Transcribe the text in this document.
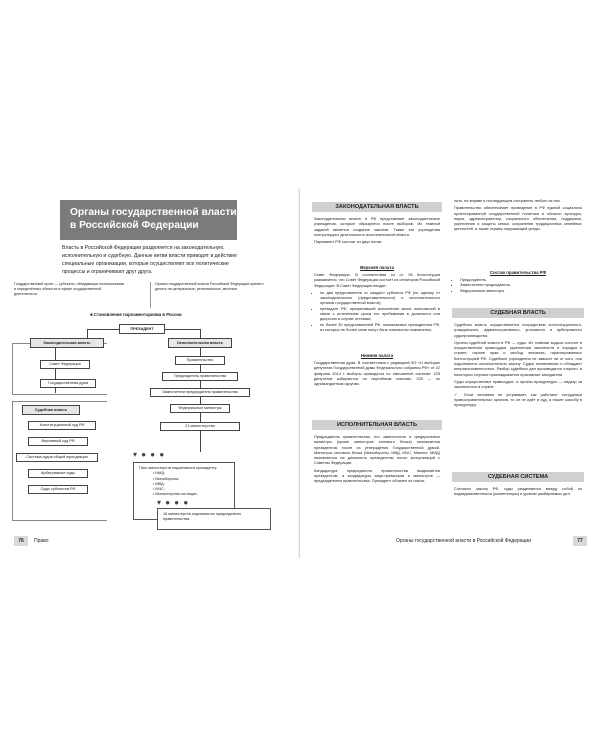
Органы государственной власти
в Российской Федерации
Власть в Российской Федерации разделяется на законодательную, исполнительную и судебную. Данные ветви власти приводят в действие специальные организации, которые осуществляют все политические процессы и ограничивают друг друга.
Государственный орган — субъекты, обладающие полномочиями в определённых областях в сфере государственной деятельности.
Органы государственной власти Российской Федерации принято делить на центральные, региональные, местные.
■ Становление парламентаризма в России
ПРЕЗИДЕНТ
Законодательная власть
Совет Федерации
Государственная дума
Судебная власть
Конституционный суд РФ
Верховный суд РФ
Система судов общей юрисдикции
Арбитражные суды
Суды субъектов РФ
Исполнительная власть
Правительство
Председатель правительства
Заместители председателя правительства
Федеральные министры
21 министерство
▾ ● ● ●
Пять министерств подчиняются президенту:
• МИД;
• Минобороны;
• МВД;
• МЧС;
• Министерство юстиции.
▾ ● ● ●
16 министерств подчиняются председателю правительства.
76	Право
ЗАКОНОДАТЕЛЬНАЯ ВЛАСТЬ

Законодательная власть в РФ представляет законодательные учреждения, которые образуются после выборов. Их главной задачей является создание законов. Также эти учреждения контролируют деятельность исполнительной власти.

Парламент РФ состоит из двух палат.

Верхняя палата

Совет Федерации. В соответствии со ст. 95 Конституции указывается, что Совет Федерации состоит из сенаторов Российской Федерации. В Совет Федерации входят:

• по два представителя от каждого субъекта РФ (по одному от законодательного (представительного) и исполнительного органов государственной власти);
• президент РФ, прекративший исполнение своих полномочий в связи с истечением срока его пребывания в должности или досрочно в случае отставки;
• не более 30 представителей РФ, назначаемых президентом РФ, из которых не более семи могут быть назначены пожизненно.
Нижняя палата

Государственная дума. В соответствии с редакцией ФЗ «О выборах депутатов Государственной думы Федерального собрания РФ» от 22 февраля 2014 г. выборы проводятся по смешанной системе: 225 депутатов избираются по партийным спискам, 225 — по одномандатным округам.

ИСПОЛНИТЕЛЬНАЯ ВЛАСТЬ

Председатель правительства, его заместители и федеральные министры (кроме министров силового блока) назначаются президентом после их утверждения Государственной думой. Министры силового блока (Минобороны, МВД, МЧС, Минюст, МИД) назначаются на должность президентом после консультаций с Советом Федерации.

Кандидатура председателя правительства выдвигается президентом, а кандидатуры вице-премьеров и министров — председателем правительства. Президент облачен их назна-

чить, не вправе в последующем отстранить любого из них.

Правительство обеспечивает проведение в РФ единой социально ориентированной государственной политики в области культуры, науки, здравоохранения, социального обеспечения, поддержки, укрепления и защиты семьи, сохранения традиционных семейных ценностей, а также охраны окружающей среды.

Состав правительства РФ
• Председатель.
• Заместители председателя.
• Федеральные министры.
СУДЕБНАЯ ВЛАСТЬ

Судебная власть осуществляется посредством конституционного, гражданского, административного, уголовного и арбитражного судопроизводства.

Органы судебной власти в РФ — суды. Их главная задача состоит в осуществлении правосудия, укреплении законности и порядка в стране, охране прав и свобод человека, гарантированных Конституцией РФ. Судебные учреждения не зависят ни от кого, они подчиняются исключительно закону. Судьи несменяемы и обладают неприкосновенностью. Разбор судебных дел производится открыто, в некоторых случаях прикладывается присяжные заседатели.

Суды осуществляют правосудие, а органы прокуратуры — надзор за законностью в стране.

✓ Если человека не устраивает, как работают сотрудники правоохранительных органов, то он не идёт в суд, а пишет жалобу в прокуратуру.

СУДЕБНАЯ СИСТЕМА

Согласно закону РФ, суды разделяются между собой по подведомственности (компетенции) и уровню разбираемых дел.

Органы государственной власти в Российской Федерации	77
